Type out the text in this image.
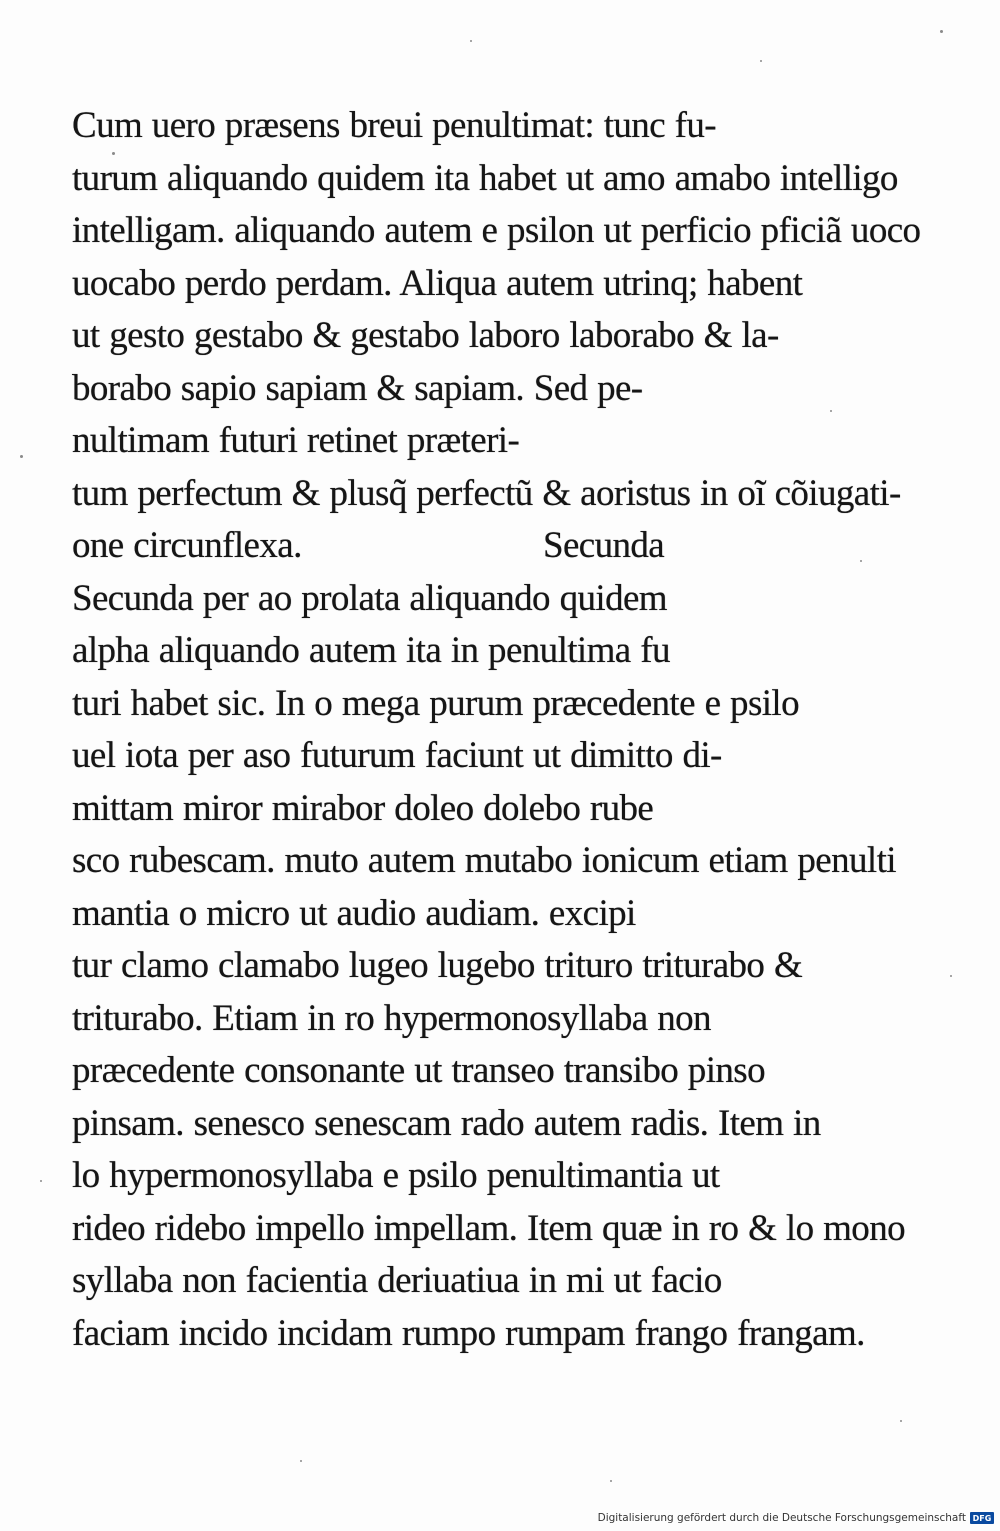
Cum uero præsens breui penultimat: tunc fu-
turum aliquando quidem ita habet ut amo amabo intelligo
intelligam. aliquando autem e psilon ut perficio pficiã uoco
uocabo perdo perdam. Aliqua autem utrinq; habent
ut gesto gestabo & gestabo laboro laborabo & la-
borabo sapio sapiam & sapiam. Sed pe-
nultimam futuri retinet præteri-
tum perfectum & plusq̃ perfectũ & aoristus in oĩ cõiugati-
one circunflexa.                         Secunda
Secunda per ao prolata aliquando quidem
alpha aliquando autem ita in penultima fu
turi habet sic. In o mega purum præcedente e psilo
uel iota per aso futurum faciunt ut dimitto di-
mittam miror mirabor doleo dolebo rube
sco rubescam. muto autem mutabo ionicum etiam penulti
mantia o micro ut audio audiam. excipi
tur clamo clamabo lugeo lugebo trituro triturabo &
triturabo. Etiam in ro hypermonosyllaba non
præcedente consonante ut transeo transibo pinso
pinsam. senesco senescam rado autem radis. Item in
lo hypermonosyllaba e psilo penultimantia ut
rideo ridebo impello impellam. Item quæ in ro & lo mono
syllaba non facientia deriuatiua in mi ut facio
faciam incido incidam rumpo rumpam frango frangam.
Digitalisierung gefördert durch die Deutsche Forschungsgemeinschaft DFG
